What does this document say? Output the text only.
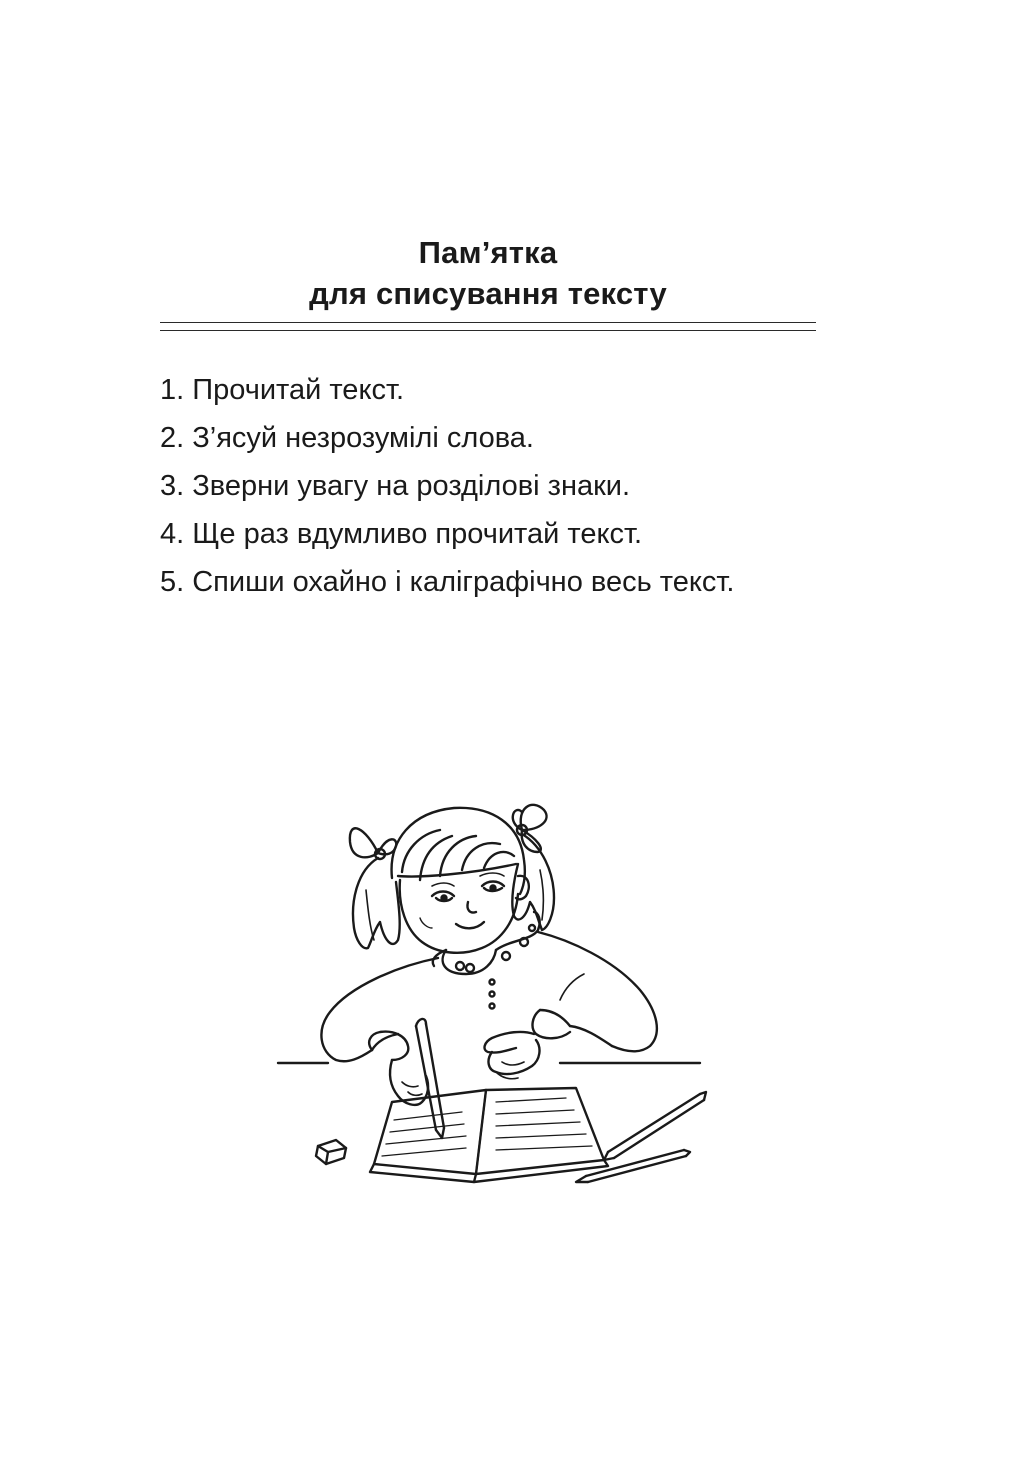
Пам’ятка
для списування тексту
1. Прочитай текст.
2. З’ясуй незрозумілі слова.
3. Зверни увагу на розділові знаки.
4. Ще раз вдумливо прочитай текст.
5. Спиши охайно і каліграфічно весь текст.
